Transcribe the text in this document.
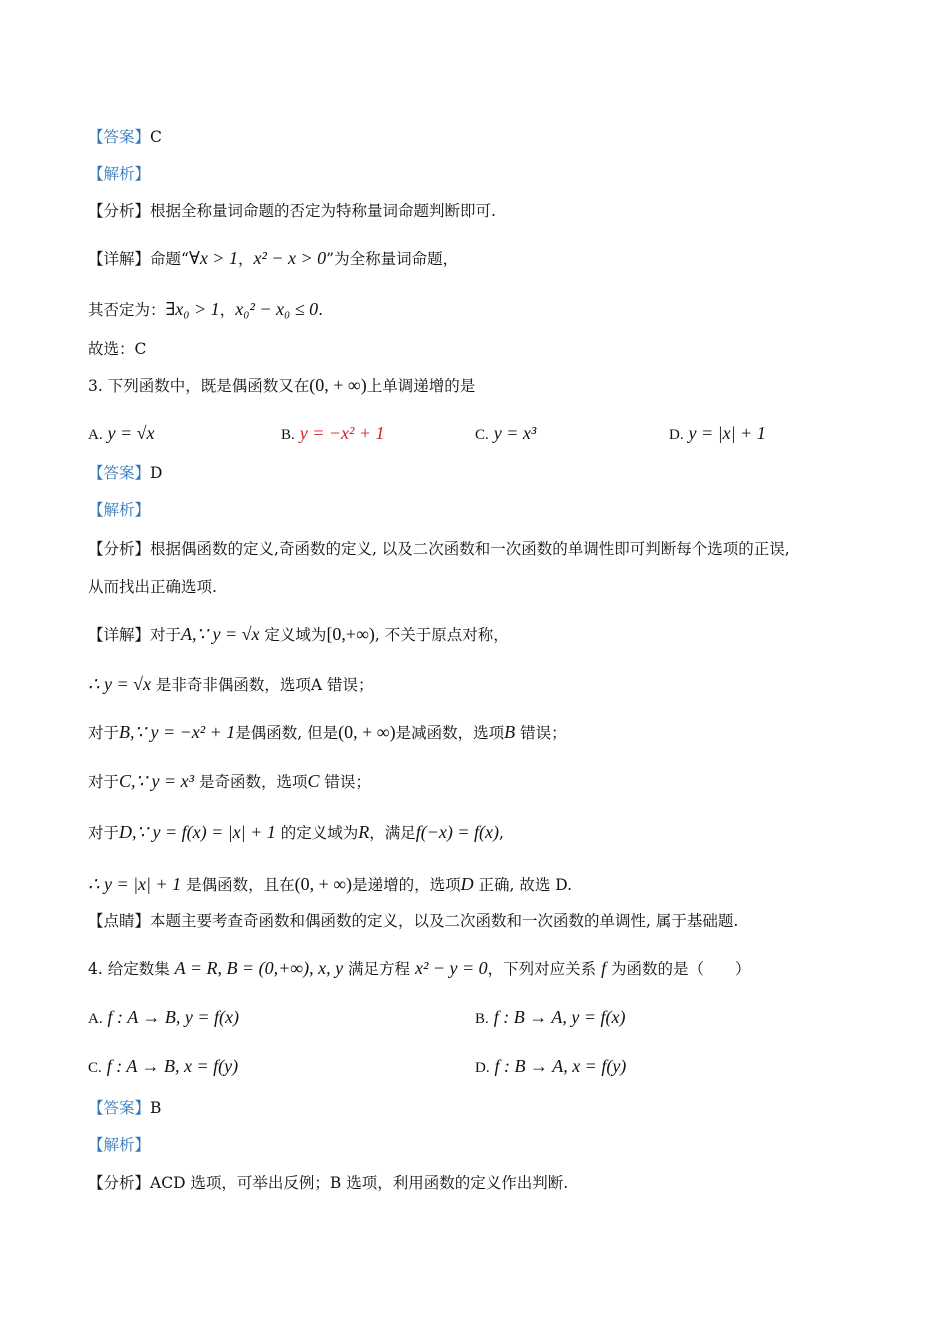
【答案】C
【解析】
【分析】根据全称量词命题的否定为特称量词命题判断即可.
【详解】命题“∀x > 1，x² − x > 0”为全称量词命题，
其否定为：∃x₀ > 1，x₀² − x₀ ≤ 0.
故选：C
3. 下列函数中，既是偶函数又在(0, + ∞)上单调递增的是
A. y = √x	B. y = −x² + 1	C. y = x³	D. y = |x| + 1
【答案】D
【解析】
【分析】根据偶函数的定义,奇函数的定义, 以及二次函数和一次函数的单调性即可判断每个选项的正误,
从而找出正确选项.
【详解】对于A,∵ y = √x 定义域为[0,+∞), 不关于原点对称，
∴ y = √x 是非奇非偶函数，选项A 错误；
对于B,∵ y = −x² + 1是偶函数, 但是(0, + ∞)是减函数，选项B 错误；
对于C,∵ y = x³ 是奇函数，选项C 错误；
对于D,∵ y = f(x) = |x| + 1 的定义域为R，满足f(−x) = f(x),
∴ y = |x| + 1 是偶函数，且在(0, + ∞)是递增的，选项D 正确, 故选 D.
【点睛】本题主要考查奇函数和偶函数的定义，以及二次函数和一次函数的单调性, 属于基础题.
4. 给定数集 A = R, B = (0,+∞), x, y 满足方程 x² − y = 0，下列对应关系 f 为函数的是（　　）
A. f : A → B, y = f(x)	B. f : B → A, y = f(x)
C. f : A → B, x = f(y)	D. f : B → A, x = f(y)
【答案】B
【解析】
【分析】ACD 选项，可举出反例；B 选项，利用函数的定义作出判断.
